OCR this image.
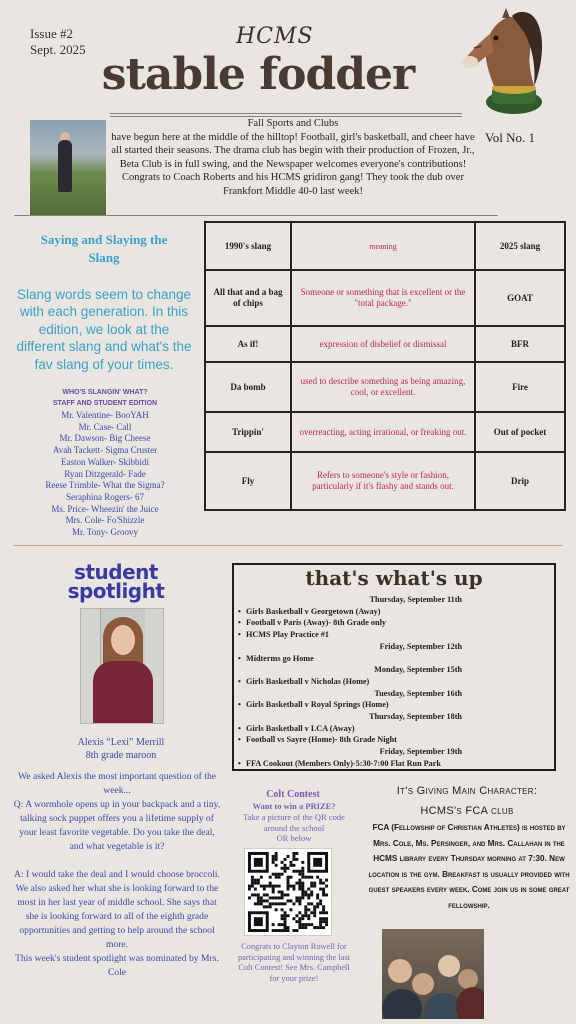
Issue #2
Sept. 2025
HCMS
stable fodder
Fall Sports and Clubs
have begun here at the middle of the hilltop! Football, girl's basketball, and cheer have all started their seasons. The drama club has begin with their production of Frozen, Jr., Beta Club is in full swing, and the Newspaper welcomes everyone's contributions!
Congrats to Coach Roberts and his HCMS gridiron gang! They took the dub over Frankfort Middle 40-0 last week!
Vol No. 1
Saying and Slaying the Slang
Slang words seem to change with each generation. In this edition, we look at the different slang and what's the fav slang of your times.
WHO'S SLANGIN' WHAT?
STAFF AND STUDENT EDITION
Mr. Valentine- BooYAH
Mr. Case- Call
Mr. Dawson- Big Cheese
Avah Tackett- Sigma Cruster
Easton Walker- Skibbidi
Ryan Ditzgerald- Fade
Reese Trimble- What the Sigma?
Seraphina Rogers- 67
Ms. Price- Wheezin' the Juice
Mrs. Cole- Fo'Shizzle
Mr. Tony- Groovy
1990's slang	meaning	2025 slang
All that and a bag of chips	Someone or something that is excellent or the "total package."	GOAT
As if!	expression of disbelief or dismissal	BFR
Da bomb	used to describe something as being amazing, cool, or excellent.	Fire
Trippin'	overreacting, acting irrational, or freaking out.	Out of pocket
Fly	Refers to someone's style or fashion, particularly if it's flashy and stands out.	Drip
student
spotlight
Alexis “Lexi” Merrill
8th grade maroon

We asked Alexis the most important question of the week...

Q: A wormhole opens up in your backpack and a tiny, talking sock puppet offers you a lifetime supply of your least favorite vegetable. Do you take the deal, and what vegetable is it?

A: I would take the deal and I would choose broccoli.

We also asked her what she is looking forward to the most in her last year of middle school. She says that she is looking forward to all of the eighth grade opportunities and getting to help around the school more.

This week's student spotlight was nominated by Mrs. Cole

that's what's up
Thursday, September 11th
• Girls Basketball v Georgetown (Away)
• Football v Paris (Away)- 8th Grade only
• HCMS Play Practice #1
Friday, September 12th
• Midterms go Home
Monday, September 15th
• Girls Basketball v Nicholas (Home)
Tuesday, September 16th
• Girls Basketball v Royal Springs (Home)
Thursday, September 18th
• Girls Basketball v LCA (Away)
• Football vs Sayre (Home)- 8th Grade Night
Friday, September 19th
• FFA Cookout (Members Only)-5:30-7:00 Flat Run Park
Colt Contest
Want to win a PRIZE?
Take a picture of the QR code around the school
OR below
Congrats to Clayton Rowell for participating and winning the last Colt Contest! See Mrs. Campbell for your prize!
It's Giving Main Character:
HCMS's FCA club
FCA (Fellowship of Christian Athletes) is hosted by Mrs. Cole, Ms. Persinger, and Mrs. Callahan in the HCMS library every Thursday morning at 7:30. New location is the gym. Breakfast is usually provided with guest speakers every week. Come join us in some great fellowship.
